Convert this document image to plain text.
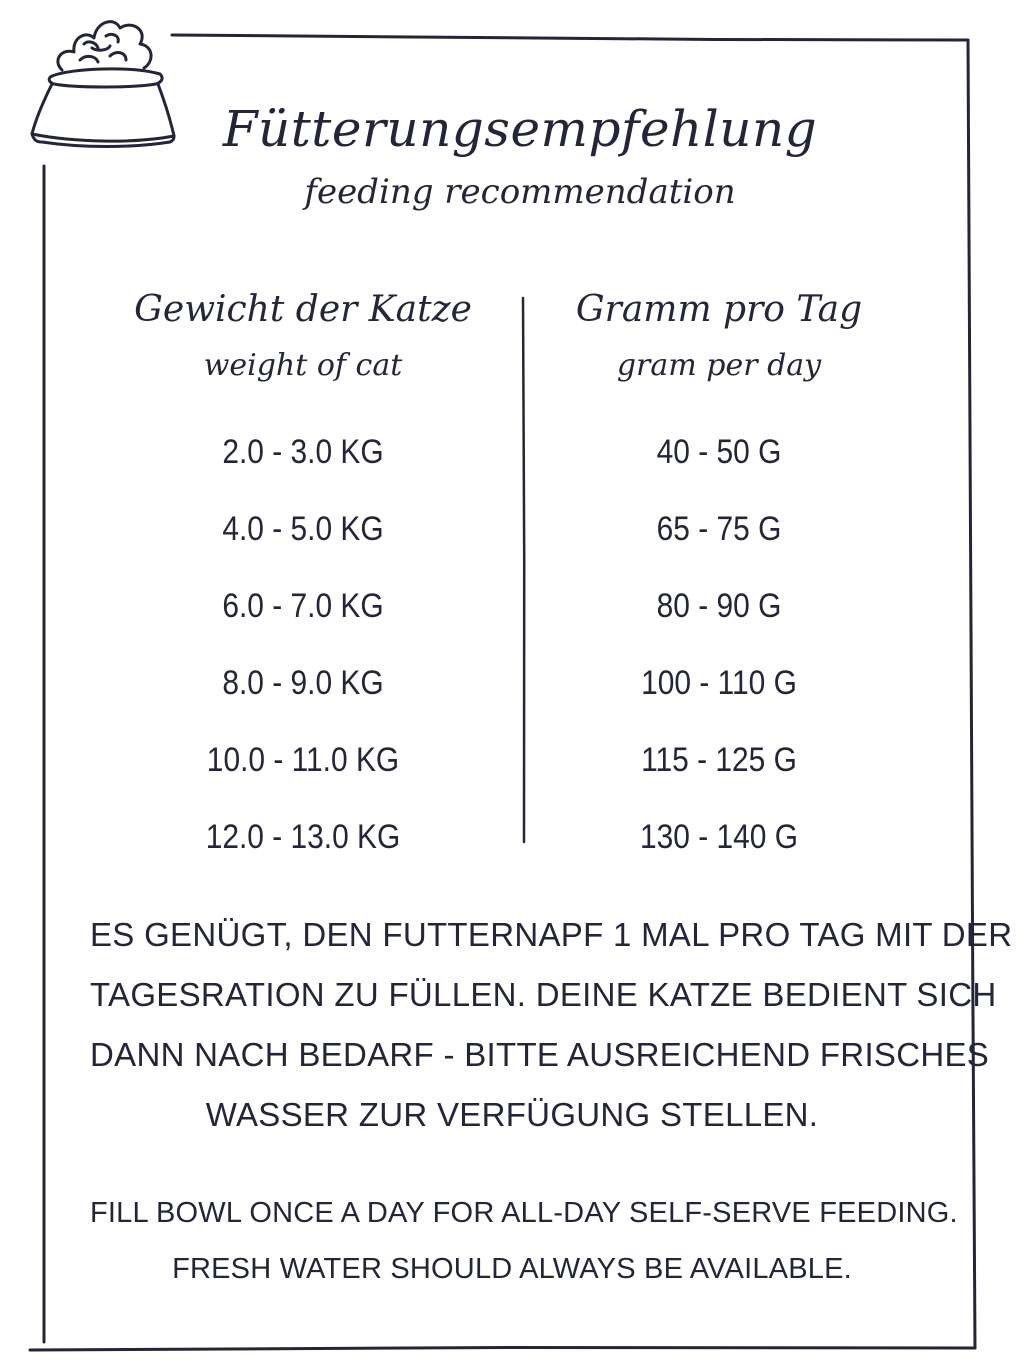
Fütterungsempfehlung
feeding recommendation
Gewicht der Katze
weight of cat
2.0 - 3.0 KG
4.0 - 5.0 KG
6.0 - 7.0 KG
8.0 - 9.0 KG
10.0 - 11.0 KG
12.0 - 13.0 KG
Gramm pro Tag
gram per day
40 - 50 G
65 - 75 G
80 - 90 G
100 - 110 G
115 - 125 G
130 - 140 G
ES GENÜGT, DEN FUTTERNAPF 1 MAL PRO TAG MIT DER
TAGESRATION ZU FÜLLEN. DEINE KATZE BEDIENT SICH
DANN NACH BEDARF - BITTE AUSREICHEND FRISCHES
WASSER ZUR VERFÜGUNG STELLEN.
FILL BOWL ONCE A DAY FOR ALL-DAY SELF-SERVE FEEDING.
FRESH WATER SHOULD ALWAYS BE AVAILABLE.
